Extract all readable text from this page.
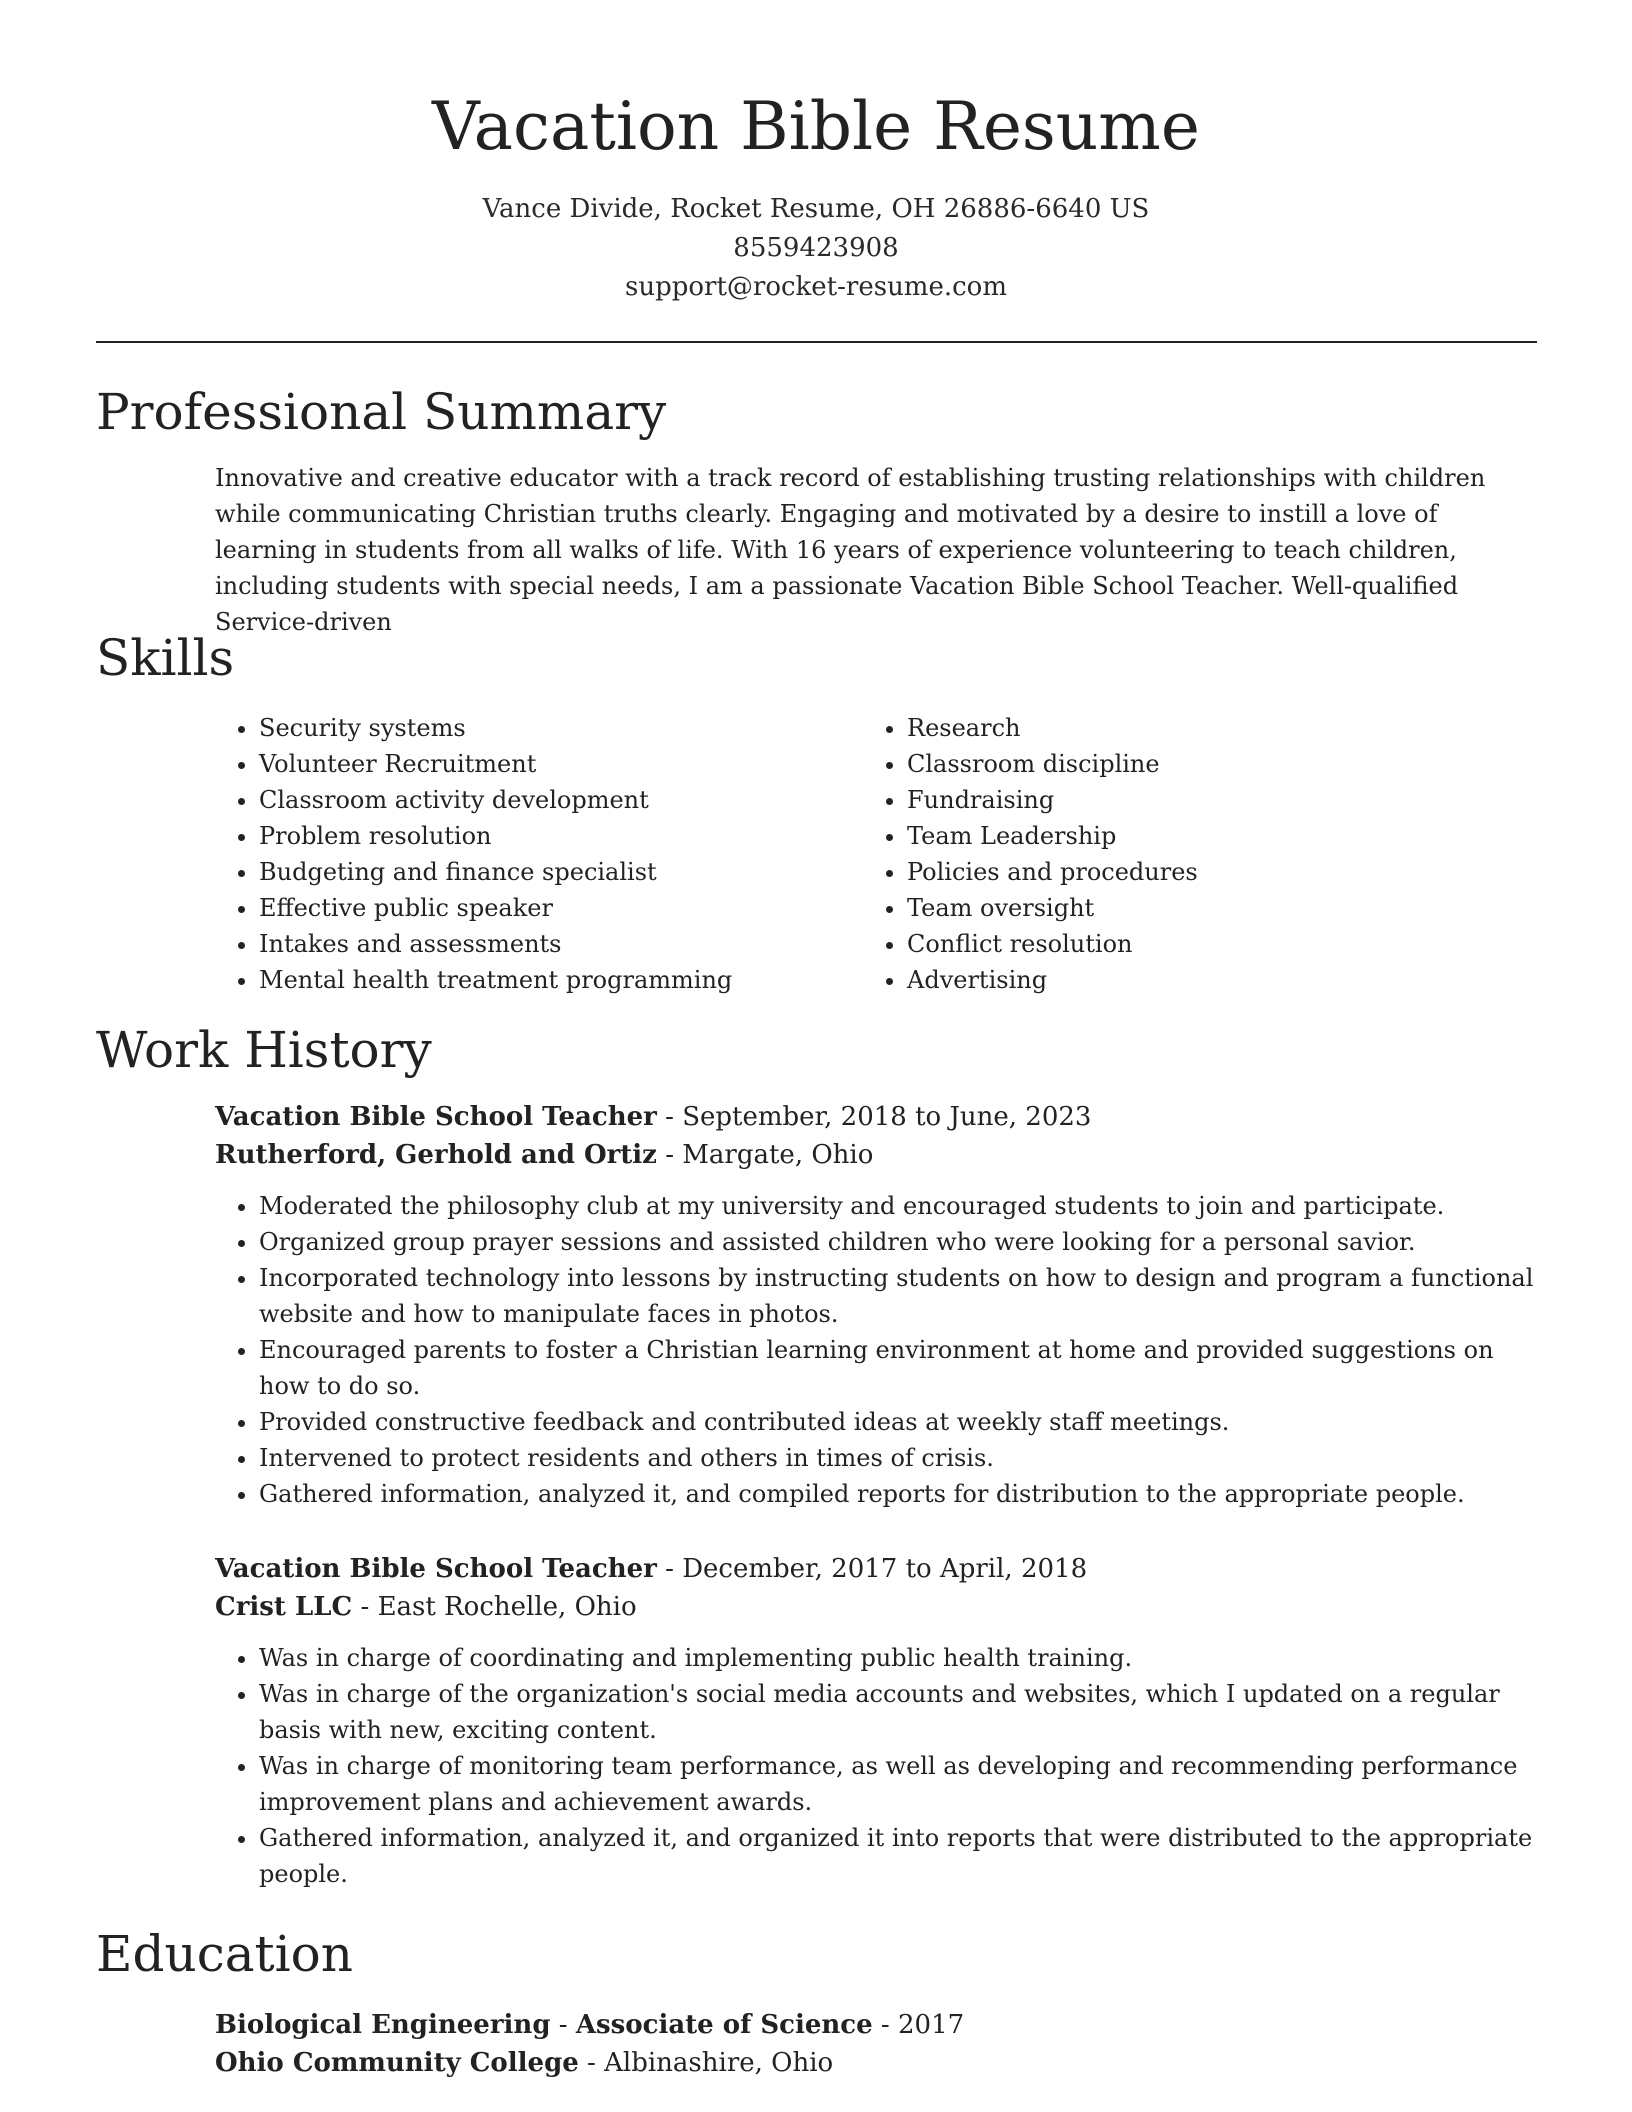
Vacation Bible Resume
Vance Divide, Rocket Resume, OH 26886-6640 US
8559423908
support@rocket-resume.com
Professional Summary

Innovative and creative educator with a track record of establishing trusting relationships with children while communicating Christian truths clearly. Engaging and motivated by a desire to instill a love of learning in students from all walks of life. With 16 years of experience volunteering to teach children, including students with special needs, I am a passionate Vacation Bible School Teacher. Well-qualified Service-driven

Skills
• Security systems
• Volunteer Recruitment
• Classroom activity development
• Problem resolution
• Budgeting and finance specialist
• Effective public speaker
• Intakes and assessments
• Mental health treatment programming
• Research
• Classroom discipline
• Fundraising
• Team Leadership
• Policies and procedures
• Team oversight
• Conflict resolution
• Advertising
Work History

Vacation Bible School Teacher - September, 2018 to June, 2023

Rutherford, Gerhold and Ortiz - Margate, Ohio

• Moderated the philosophy club at my university and encouraged students to join and participate.
• Organized group prayer sessions and assisted children who were looking for a personal savior.
• Incorporated technology into lessons by instructing students on how to design and program a functional website and how to manipulate faces in photos.
• Encouraged parents to foster a Christian learning environment at home and provided suggestions on how to do so.
• Provided constructive feedback and contributed ideas at weekly staff meetings.
• Intervened to protect residents and others in times of crisis.
• Gathered information, analyzed it, and compiled reports for distribution to the appropriate people.

Vacation Bible School Teacher - December, 2017 to April, 2018

Crist LLC - East Rochelle, Ohio

• Was in charge of coordinating and implementing public health training.
• Was in charge of the organization's social media accounts and websites, which I updated on a regular basis with new, exciting content.
• Was in charge of monitoring team performance, as well as developing and recommending performance improvement plans and achievement awards.
• Gathered information, analyzed it, and organized it into reports that were distributed to the appropriate people.
Education

Biological Engineering - Associate of Science - 2017

Ohio Community College - Albinashire, Ohio
